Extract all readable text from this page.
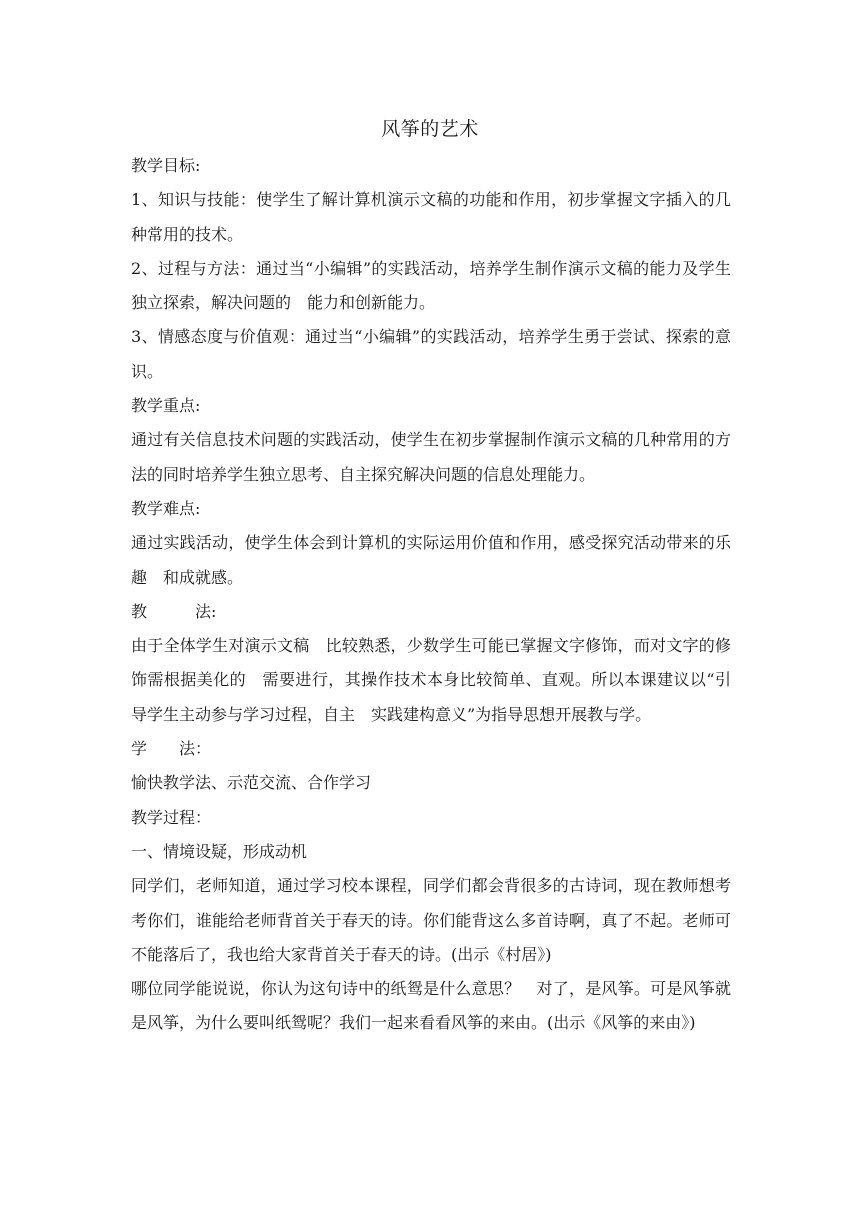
风筝的艺术

教学目标:

1、知识与技能：使学生了解计算机演示文稿的功能和作用，初步掌握文字插入的几种常用的技术。

2、过程与方法：通过当“小编辑”的实践活动，培养学生制作演示文稿的能力及学生独立探索，解决问题的　能力和创新能力。

3、情感态度与价值观：通过当“小编辑”的实践活动，培养学生勇于尝试、探索的意识。

教学重点:

通过有关信息技术问题的实践活动，使学生在初步掌握制作演示文稿的几种常用的方法的同时培养学生独立思考、自主探究解决问题的信息处理能力。

教学难点:

通过实践活动，使学生体会到计算机的实际运用价值和作用，感受探究活动带来的乐趣　和成就感。

教　　　法:

由于全体学生对演示文稿　比较熟悉，少数学生可能已掌握文字修饰，而对文字的修饰需根据美化的　需要进行，其操作技术本身比较简单、直观。所以本课建议以“引导学生主动参与学习过程，自主　实践建构意义”为指导思想开展教与学。

学　　法：

愉快教学法、示范交流、合作学习

教学过程：

一、情境设疑，形成动机

同学们，老师知道，通过学习校本课程，同学们都会背很多的古诗词，现在教师想考考你们，谁能给老师背首关于春天的诗。你们能背这么多首诗啊，真了不起。老师可不能落后了，我也给大家背首关于春天的诗。(出示《村居》)

哪位同学能说说，你认为这句诗中的纸鸳是什么意思？　对了，是风筝。可是风筝就是风筝，为什么要叫纸鸳呢？我们一起来看看风筝的来由。(出示《风筝的来由》)
